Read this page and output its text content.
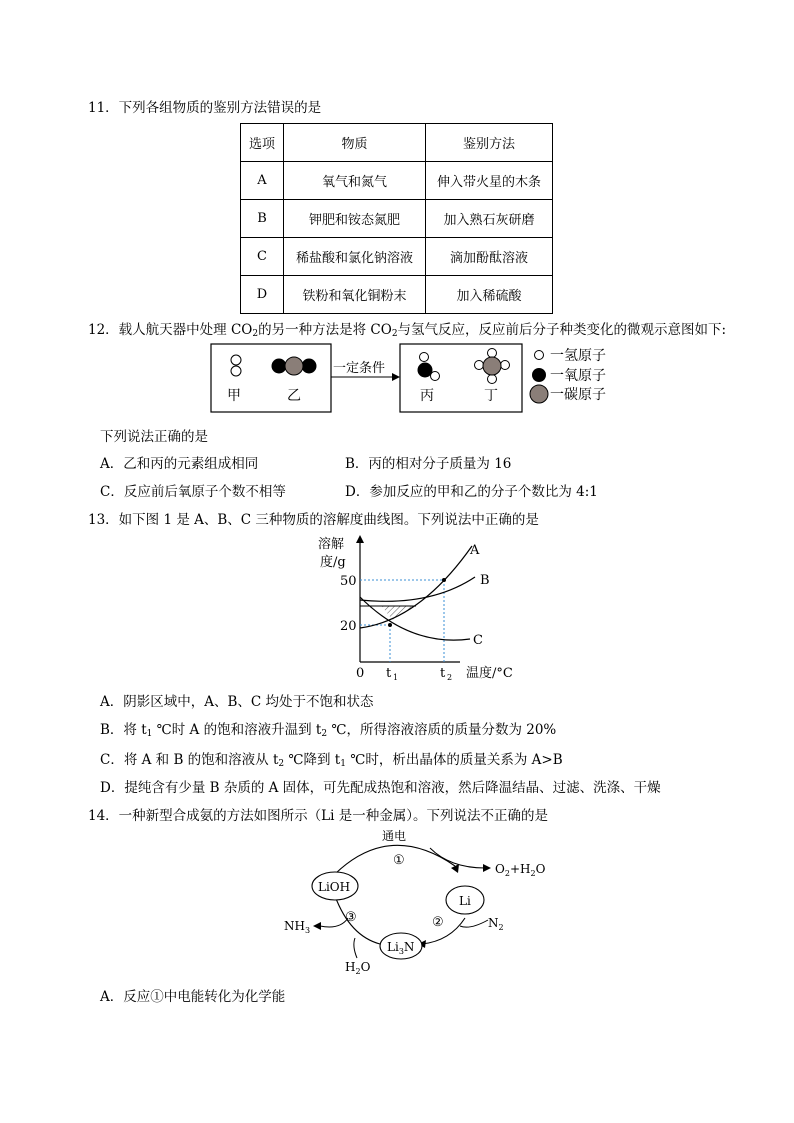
11．下列各组物质的鉴别方法错误的是
选项	物质	鉴别方法
A	氧气和氮气	伸入带火星的木条
B	钾肥和铵态氮肥	加入熟石灰研磨
C	稀盐酸和氯化钠溶液	滴加酚酞溶液
D	铁粉和氧化铜粉末	加入稀硫酸
12．载人航天器中处理 $CO_2$的另一种方法是将 $CO_2$与氢气反应，反应前后分子种类变化的微观示意图如下:
甲	乙
一定条件
丙	丁
一氢原子
一氧原子
一碳原子
下列说法正确的是
A．乙和丙的元素组成相同	B．丙的相对分子质量为 16
C．反应前后氧原子个数不相等	D．参加反应的甲和乙的分子个数比为 4:1
13．如下图 1 是 A、B、C 三种物质的溶解度曲线图。下列说法中正确的是
溶解
度/g
50
20
0 t 1	t 2 温度/°C
A
B
C
A．阴影区域中，A、B、C 均处于不饱和状态
B．将 $t_1$ ℃时 A 的饱和溶液升温到 $t_2$ ℃，所得溶液溶质的质量分数为 20%
C．将 A 和 B 的饱和溶液从 $t_2$ ℃降到 $t_1$ ℃时，析出晶体的质量关系为 A>B
D．提纯含有少量 B 杂质的 A 固体，可先配成热饱和溶液，然后降温结晶、过滤、洗涤、干燥
14．一种新型合成氨的方法如图所示（Li 是一种金属）。下列说法不正确的是
LiOH
Li
$Li_3N$
通电
①
②
③
$O_2+H_2O$
$N_2$
$NH_3$
$H_2O$
A．反应①中电能转化为化学能
